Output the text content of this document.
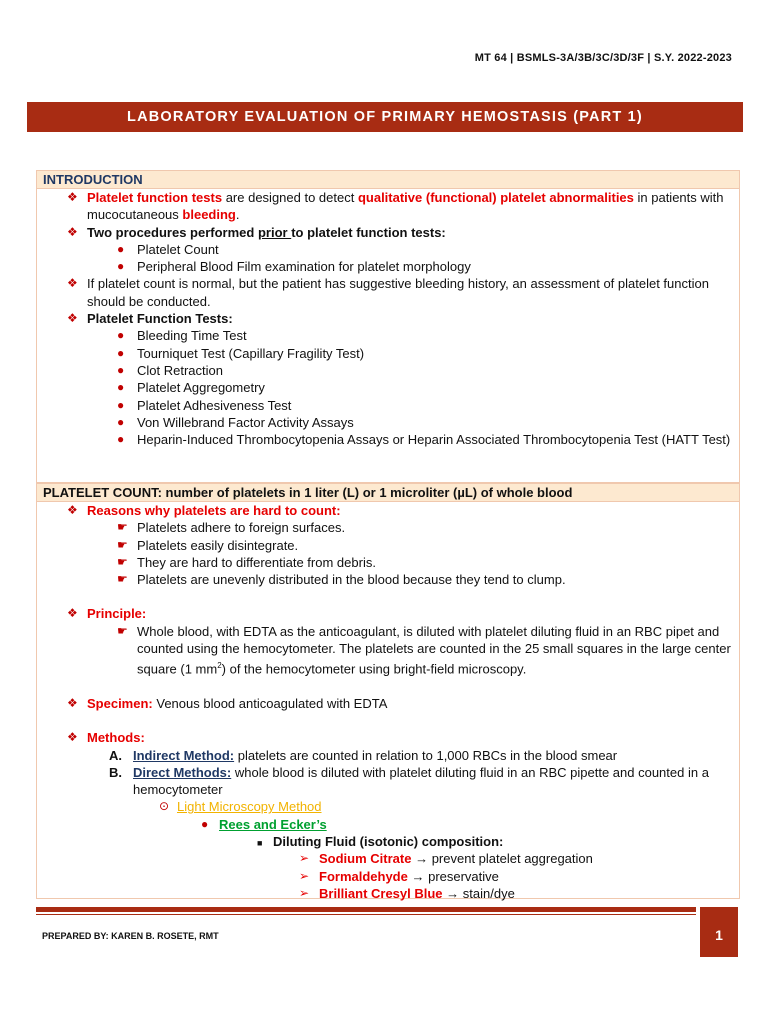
MT 64 | BSMLS-3A/3B/3C/3D/3F | S.Y. 2022-2023
LABORATORY EVALUATION OF PRIMARY HEMOSTASIS (PART 1)
INTRODUCTION
❖ Platelet function tests are designed to detect qualitative (functional) platelet abnormalities in patients with mucocutaneous bleeding.
❖ Two procedures performed prior to platelet function tests:
● Platelet Count
● Peripheral Blood Film examination for platelet morphology
❖ If platelet count is normal, but the patient has suggestive bleeding history, an assessment of platelet function should be conducted.
❖ Platelet Function Tests:
● Bleeding Time Test
● Tourniquet Test (Capillary Fragility Test)
● Clot Retraction
● Platelet Aggregometry
● Platelet Adhesiveness Test
● Von Willebrand Factor Activity Assays
● Heparin-Induced Thrombocytopenia Assays or Heparin Associated Thrombocytopenia Test (HATT Test)
PLATELET COUNT: number of platelets in 1 liter (L) or 1 microliter (µL) of whole blood
❖ Reasons why platelets are hard to count:
☛ Platelets adhere to foreign surfaces.
☛ Platelets easily disintegrate.
☛ They are hard to differentiate from debris.
☛ Platelets are unevenly distributed in the blood because they tend to clump.
❖ Principle:
☛ Whole blood, with EDTA as the anticoagulant, is diluted with platelet diluting fluid in an RBC pipet and counted using the hemocytometer. The platelets are counted in the 25 small squares in the large center square (1 $mm^2$) of the hemocytometer using bright-field microscopy.
❖ Specimen: Venous blood anticoagulated with EDTA
❖ Methods:
A. Indirect Method: platelets are counted in relation to 1,000 RBCs in the blood smear
B. Direct Methods: whole blood is diluted with platelet diluting fluid in an RBC pipette and counted in a hemocytometer
⊙ Light Microscopy Method
● Rees and Ecker’s
■ Diluting Fluid (isotonic) composition:
➢ Sodium Citrate → prevent platelet aggregation
➢ Formaldehyde → preservative
➢ Brilliant Cresyl Blue → stain/dye
1
PREPARED BY: KAREN B. ROSETE, RMT
